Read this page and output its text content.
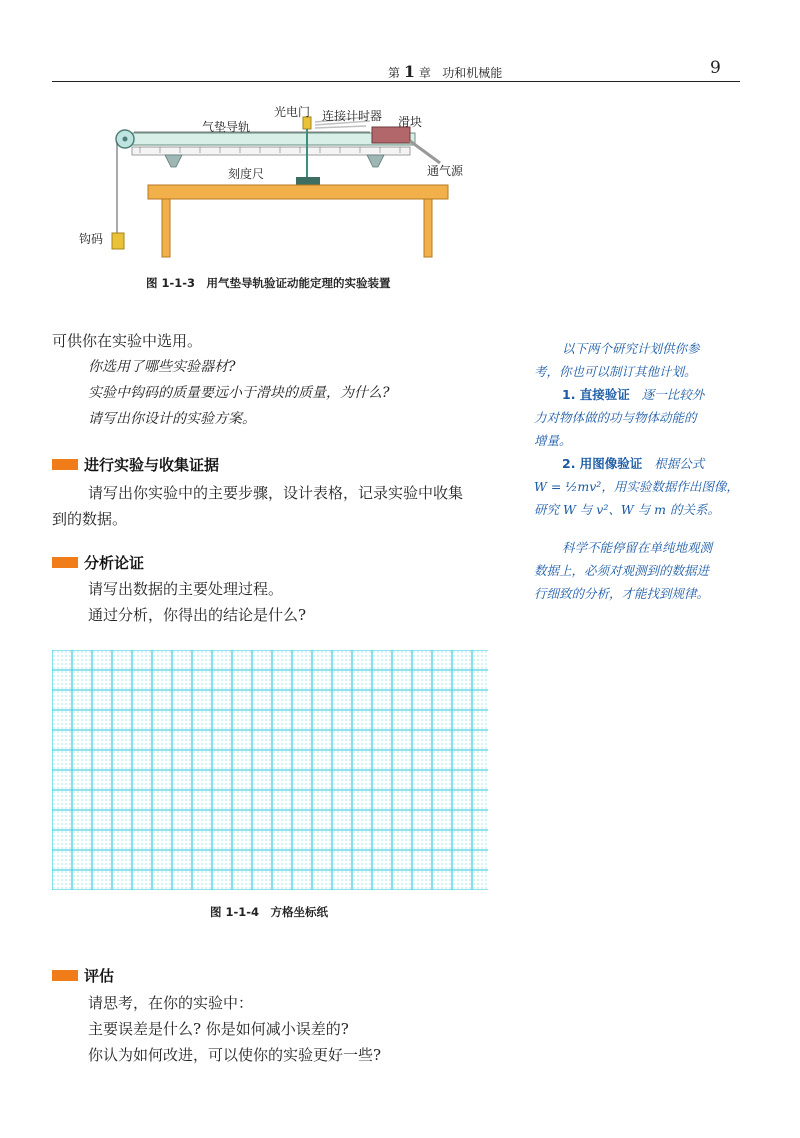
第 1 章 功和机械能	9
光电门 连接计时器
气垫导轨	滑块
刻度尺	通气源
钩码
图 1-1-3　用气垫导轨验证动能定理的实验装置
可供你在实验中选用。
你选用了哪些实验器材?
实验中钩码的质量要远小于滑块的质量，为什么?
请写出你设计的实验方案。
进行实验与收集证据
请写出你实验中的主要步骤，设计表格，记录实验中收集
到的数据。
分析论证
请写出数据的主要处理过程。
通过分析，你得出的结论是什么?
图 1-1-4　方格坐标纸
评估
请思考，在你的实验中：
主要误差是什么? 你是如何减小误差的?
你认为如何改进，可以使你的实验更好一些?

以下两个研究计划供你参

考，你也可以制订其他计划。

1. 直接验证 逐一比较外

力对物体做的功与物体动能的

增量。

2. 用图像验证 根据公式

W = ½mv²，用实验数据作出图像，

研究 W 与 v²、W 与 m 的关系。

科学不能停留在单纯地观测

数据上，必须对观测到的数据进

行细致的分析，才能找到规律。
